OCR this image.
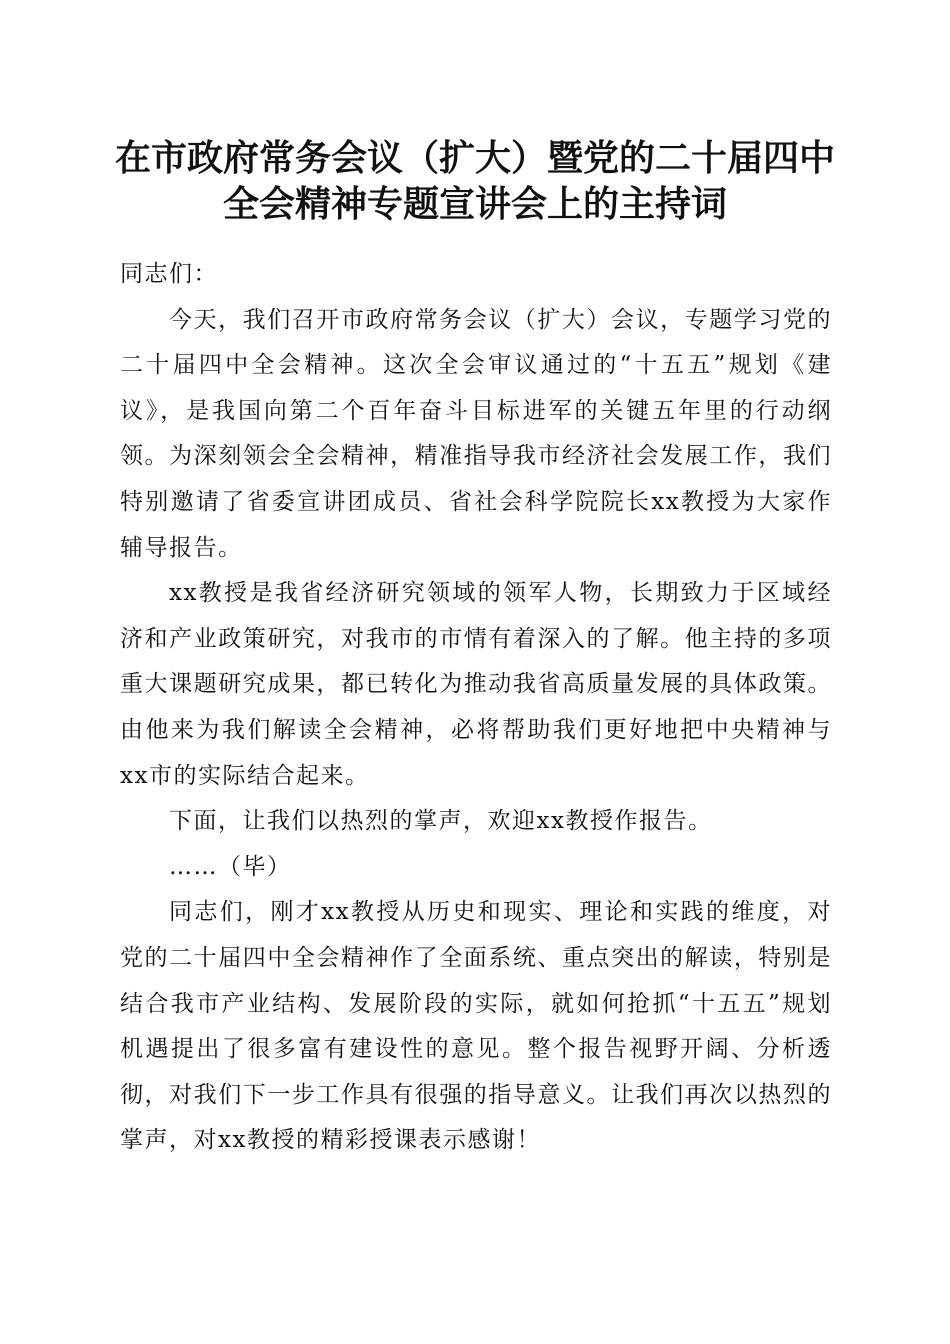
在市政府常务会议（扩大）暨党的二十届四中
全会精神专题宣讲会上的主持词

同志们：

今天，我们召开市政府常务会议（扩大）会议，专题学习党的二十届四中全会精神。这次全会审议通过的“十五五”规划《建议》，是我国向第二个百年奋斗目标进军的关键五年里的行动纲领。为深刻领会全会精神，精准指导我市经济社会发展工作，我们特别邀请了省委宣讲团成员、省社会科学院院长xx教授为大家作辅导报告。

xx教授是我省经济研究领域的领军人物，长期致力于区域经济和产业政策研究，对我市的市情有着深入的了解。他主持的多项重大课题研究成果，都已转化为推动我省高质量发展的具体政策。由他来为我们解读全会精神，必将帮助我们更好地把中央精神与xx市的实际结合起来。

下面，让我们以热烈的掌声，欢迎xx教授作报告。

……（毕）

同志们，刚才xx教授从历史和现实、理论和实践的维度，对党的二十届四中全会精神作了全面系统、重点突出的解读，特别是结合我市产业结构、发展阶段的实际，就如何抢抓“十五五”规划机遇提出了很多富有建设性的意见。整个报告视野开阔、分析透彻，对我们下一步工作具有很强的指导意义。让我们再次以热烈的掌声，对xx教授的精彩授课表示感谢！
